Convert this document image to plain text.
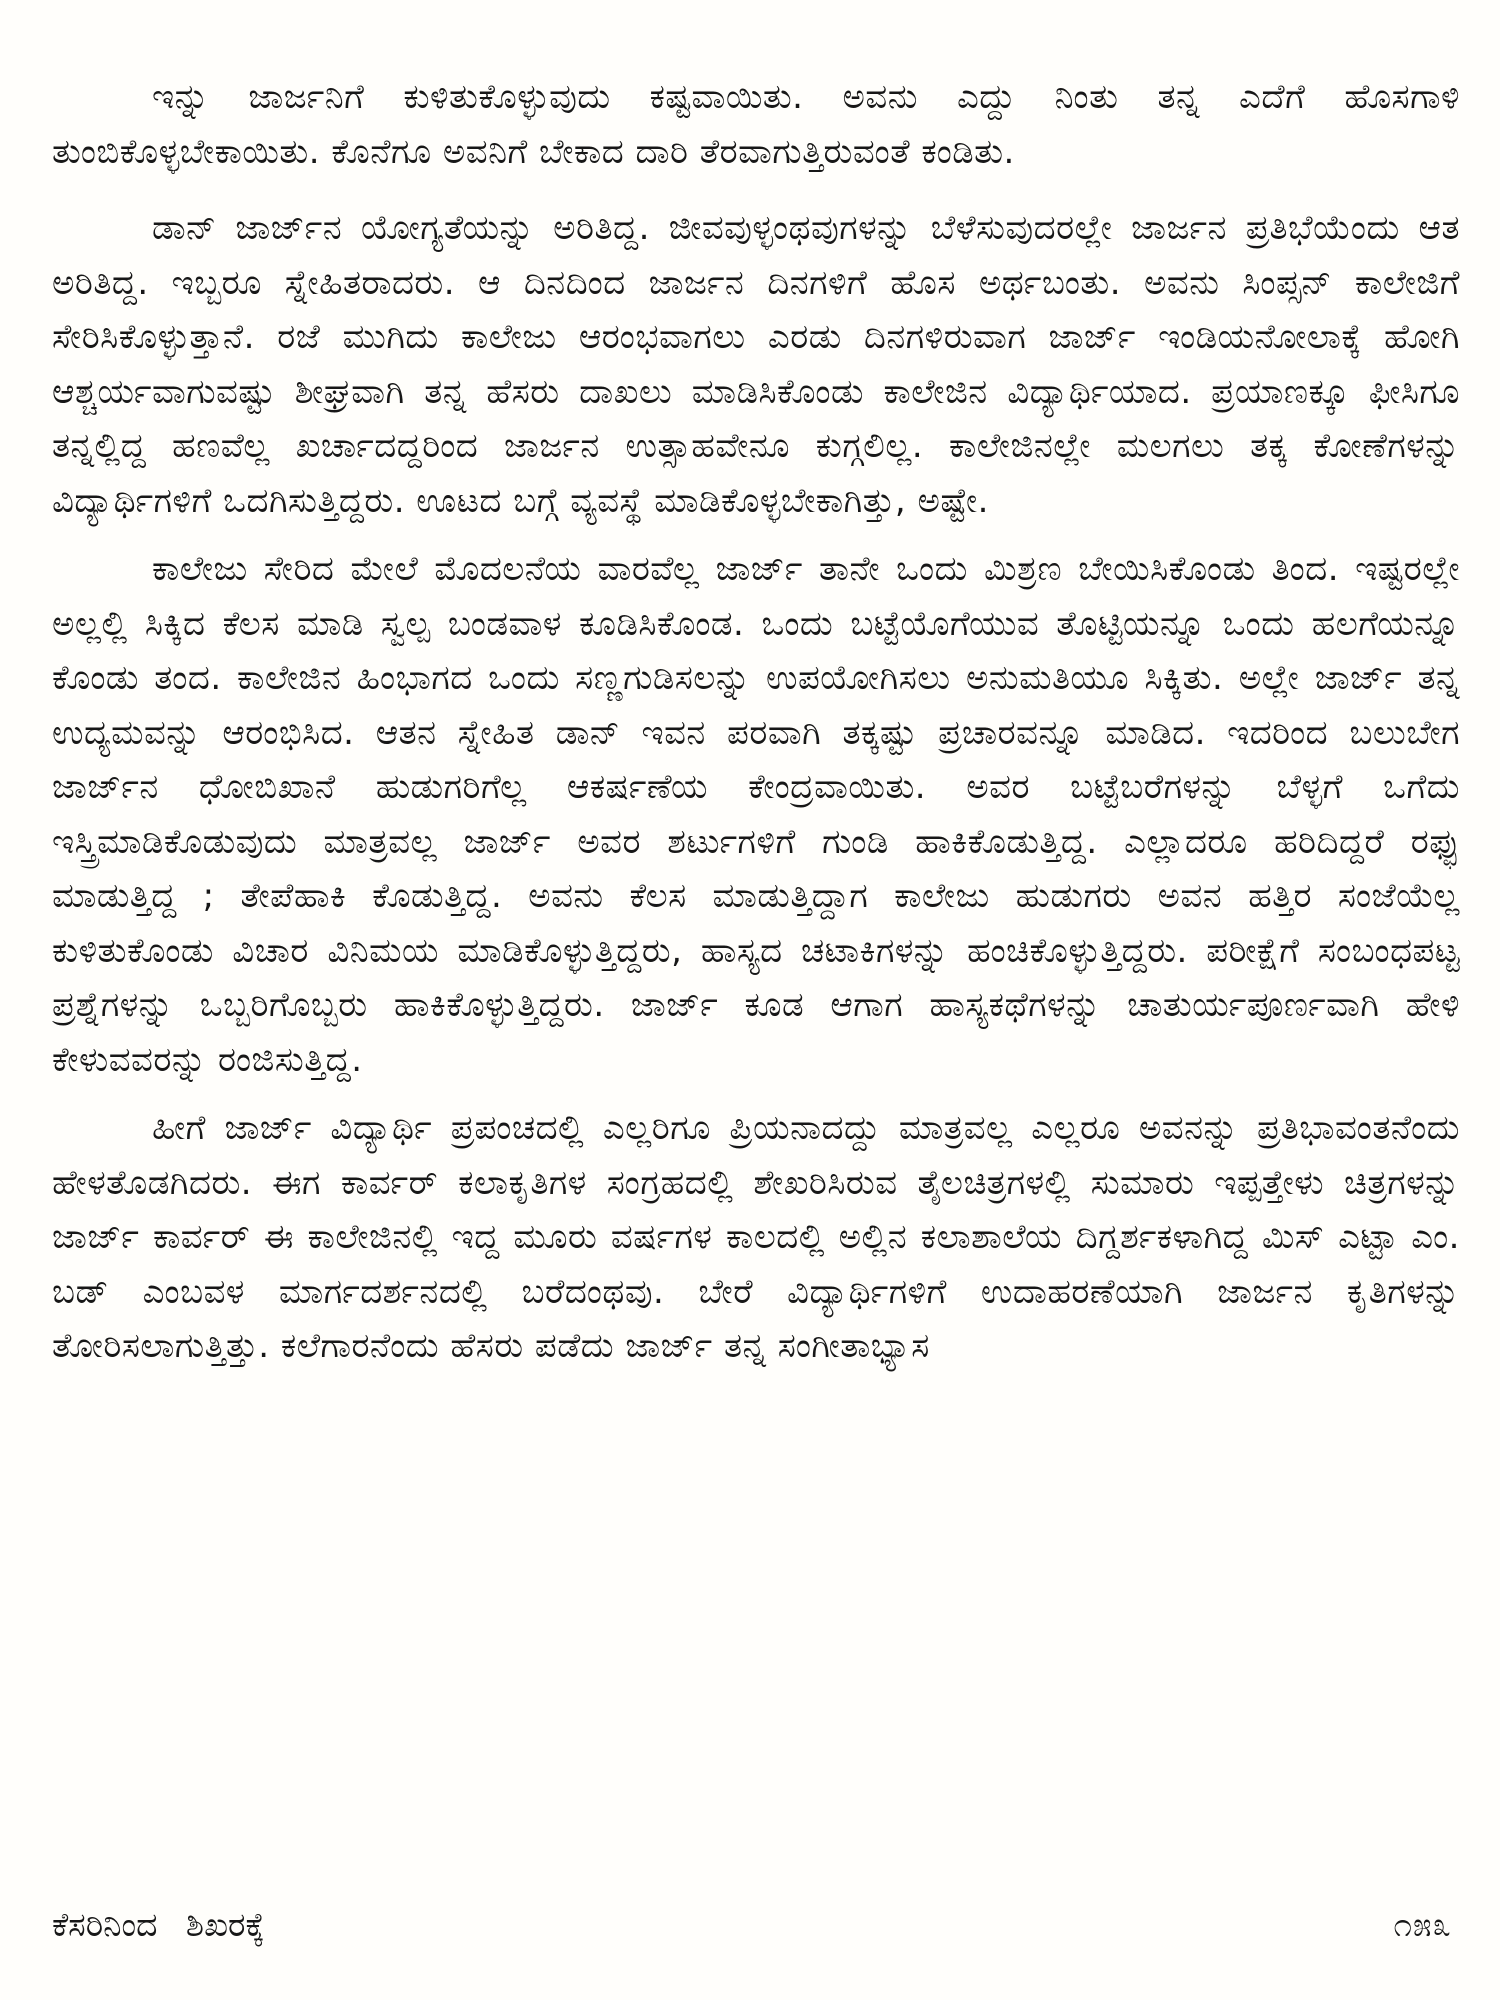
ಇನ್ನು ಜಾರ್ಜನಿಗೆ ಕುಳಿತುಕೊಳ್ಳುವುದು ಕಷ್ಟವಾಯಿತು. ಅವನು ಎದ್ದು ನಿಂತು ತನ್ನ ಎದೆಗೆ ಹೊಸಗಾಳಿ ತುಂಬಿಕೊಳ್ಳಬೇಕಾಯಿತು. ಕೊನೆಗೂ ಅವನಿಗೆ ಬೇಕಾದ ದಾರಿ ತೆರವಾಗುತ್ತಿರುವಂತೆ ಕಂಡಿತು.

ಡಾನ್ ಜಾರ್ಜ್‌ನ ಯೋಗ್ಯತೆಯನ್ನು ಅರಿತಿದ್ದ. ಜೀವವುಳ್ಳಂಥವುಗಳನ್ನು ಬೆಳೆಸುವುದರಲ್ಲೇ ಜಾರ್ಜನ ಪ್ರತಿಭೆಯೆಂದು ಆತ ಅರಿತಿದ್ದ. ಇಬ್ಬರೂ ಸ್ನೇಹಿತರಾದರು. ಆ ದಿನದಿಂದ ಜಾರ್ಜನ ದಿನಗಳಿಗೆ ಹೊಸ ಅರ್ಥಬಂತು. ಅವನು ಸಿಂಪ್ಸನ್ ಕಾಲೇಜಿಗೆ ಸೇರಿಸಿಕೊಳ್ಳುತ್ತಾನೆ. ರಜೆ ಮುಗಿದು ಕಾಲೇಜು ಆರಂಭವಾಗಲು ಎರಡು ದಿನಗಳಿರುವಾಗ ಜಾರ್ಜ್ ಇಂಡಿಯನೋಲಾಕ್ಕೆ ಹೋಗಿ ಆಶ್ಚರ್ಯವಾಗುವಷ್ಟು ಶೀಘ್ರವಾಗಿ ತನ್ನ ಹೆಸರು ದಾಖಲು ಮಾಡಿಸಿಕೊಂಡು ಕಾಲೇಜಿನ ವಿದ್ಯಾರ್ಥಿಯಾದ. ಪ್ರಯಾಣಕ್ಕೂ ಫೀಸಿಗೂ ತನ್ನಲ್ಲಿದ್ದ ಹಣವೆಲ್ಲ ಖರ್ಚಾದದ್ದರಿಂದ ಜಾರ್ಜನ ಉತ್ಸಾಹವೇನೂ ಕುಗ್ಗಲಿಲ್ಲ. ಕಾಲೇಜಿನಲ್ಲೇ ಮಲಗಲು ತಕ್ಕ ಕೋಣೆಗಳನ್ನು ವಿದ್ಯಾರ್ಥಿಗಳಿಗೆ ಒದಗಿಸುತ್ತಿದ್ದರು. ಊಟದ ಬಗ್ಗೆ ವ್ಯವಸ್ಥೆ ಮಾಡಿಕೊಳ್ಳಬೇಕಾಗಿತ್ತು, ಅಷ್ಟೇ.

ಕಾಲೇಜು ಸೇರಿದ ಮೇಲೆ ಮೊದಲನೆಯ ವಾರವೆಲ್ಲ ಜಾರ್ಜ್ ತಾನೇ ಒಂದು ಮಿಶ್ರಣ ಬೇಯಿಸಿಕೊಂಡು ತಿಂದ. ಇಷ್ಟರಲ್ಲೇ ಅಲ್ಲಲ್ಲಿ ಸಿಕ್ಕಿದ ಕೆಲಸ ಮಾಡಿ ಸ್ವಲ್ಪ ಬಂಡವಾಳ ಕೂಡಿಸಿಕೊಂಡ. ಒಂದು ಬಟ್ಟೆಯೊಗೆಯುವ ತೊಟ್ಟಿಯನ್ನೂ ಒಂದು ಹಲಗೆಯನ್ನೂ ಕೊಂಡು ತಂದ. ಕಾಲೇಜಿನ ಹಿಂಭಾಗದ ಒಂದು ಸಣ್ಣಗುಡಿಸಲನ್ನು ಉಪಯೋಗಿಸಲು ಅನುಮತಿಯೂ ಸಿಕ್ಕಿತು. ಅಲ್ಲೇ ಜಾರ್ಜ್ ತನ್ನ ಉದ್ಯಮವನ್ನು ಆರಂಭಿಸಿದ. ಆತನ ಸ್ನೇಹಿತ ಡಾನ್ ಇವನ ಪರವಾಗಿ ತಕ್ಕಷ್ಟು ಪ್ರಚಾರವನ್ನೂ ಮಾಡಿದ. ಇದರಿಂದ ಬಲುಬೇಗ ಜಾರ್ಜ್‌ನ ಧೋಬಿಖಾನೆ ಹುಡುಗರಿಗೆಲ್ಲ ಆಕರ್ಷಣೆಯ ಕೇಂದ್ರವಾಯಿತು. ಅವರ ಬಟ್ಟೆಬರೆಗಳನ್ನು ಬೆಳ್ಳಗೆ ಒಗೆದು ಇಸ್ತ್ರಿಮಾಡಿಕೊಡುವುದು ಮಾತ್ರವಲ್ಲ ಜಾರ್ಜ್ ಅವರ ಶರ್ಟುಗಳಿಗೆ ಗುಂಡಿ ಹಾಕಿಕೊಡುತ್ತಿದ್ದ. ಎಲ್ಲಾದರೂ ಹರಿದಿದ್ದರೆ ರಫ್ಫು ಮಾಡುತ್ತಿದ್ದ ; ತೇಪೆಹಾಕಿ ಕೊಡುತ್ತಿದ್ದ. ಅವನು ಕೆಲಸ ಮಾಡುತ್ತಿದ್ದಾಗ ಕಾಲೇಜು ಹುಡುಗರು ಅವನ ಹತ್ತಿರ ಸಂಜೆಯೆಲ್ಲ ಕುಳಿತುಕೊಂಡು ವಿಚಾರ ವಿನಿಮಯ ಮಾಡಿಕೊಳ್ಳುತ್ತಿದ್ದರು, ಹಾಸ್ಯದ ಚಟಾಕಿಗಳನ್ನು ಹಂಚಿಕೊಳ್ಳುತ್ತಿದ್ದರು. ಪರೀಕ್ಷೆಗೆ ಸಂಬಂಧಪಟ್ಟ ಪ್ರಶ್ನೆಗಳನ್ನು ಒಬ್ಬರಿಗೊಬ್ಬರು ಹಾಕಿಕೊಳ್ಳುತ್ತಿದ್ದರು. ಜಾರ್ಜ್ ಕೂಡ ಆಗಾಗ ಹಾಸ್ಯಕಥೆಗಳನ್ನು ಚಾತುರ್ಯಪೂರ್ಣವಾಗಿ ಹೇಳಿ ಕೇಳುವವರನ್ನು ರಂಜಿಸುತ್ತಿದ್ದ.

ಹೀಗೆ ಜಾರ್ಜ್ ವಿದ್ಯಾರ್ಥಿ ಪ್ರಪಂಚದಲ್ಲಿ ಎಲ್ಲರಿಗೂ ಪ್ರಿಯನಾದದ್ದು ಮಾತ್ರವಲ್ಲ ಎಲ್ಲರೂ ಅವನನ್ನು ಪ್ರತಿಭಾವಂತನೆಂದು ಹೇಳತೊಡಗಿದರು. ಈಗ ಕಾರ್ವರ್ ಕಲಾಕೃತಿಗಳ ಸಂಗ್ರಹದಲ್ಲಿ ಶೇಖರಿಸಿರುವ ತೈಲಚಿತ್ರಗಳಲ್ಲಿ ಸುಮಾರು ಇಪ್ಪತ್ತೇಳು ಚಿತ್ರಗಳನ್ನು ಜಾರ್ಜ್ ಕಾರ್ವರ್ ಈ ಕಾಲೇಜಿನಲ್ಲಿ ಇದ್ದ ಮೂರು ವರ್ಷಗಳ ಕಾಲದಲ್ಲಿ ಅಲ್ಲಿನ ಕಲಾಶಾಲೆಯ ದಿಗ್ದರ್ಶಕಳಾಗಿದ್ದ ಮಿಸ್ ಎಟ್ಟಾ ಎಂ. ಬಡ್ ಎಂಬವಳ ಮಾರ್ಗದರ್ಶನದಲ್ಲಿ ಬರೆದಂಥವು. ಬೇರೆ ವಿದ್ಯಾರ್ಥಿಗಳಿಗೆ ಉದಾಹರಣೆಯಾಗಿ ಜಾರ್ಜನ ಕೃತಿಗಳನ್ನು ತೋರಿಸಲಾಗುತ್ತಿತ್ತು. ಕಲೆಗಾರನೆಂದು ಹೆಸರು ಪಡೆದು ಜಾರ್ಜ್ ತನ್ನ ಸಂಗೀತಾಭ್ಯಾಸ

ಕೆಸರಿನಿಂದ ಶಿಖರಕ್ಕೆ	೧೫೩
